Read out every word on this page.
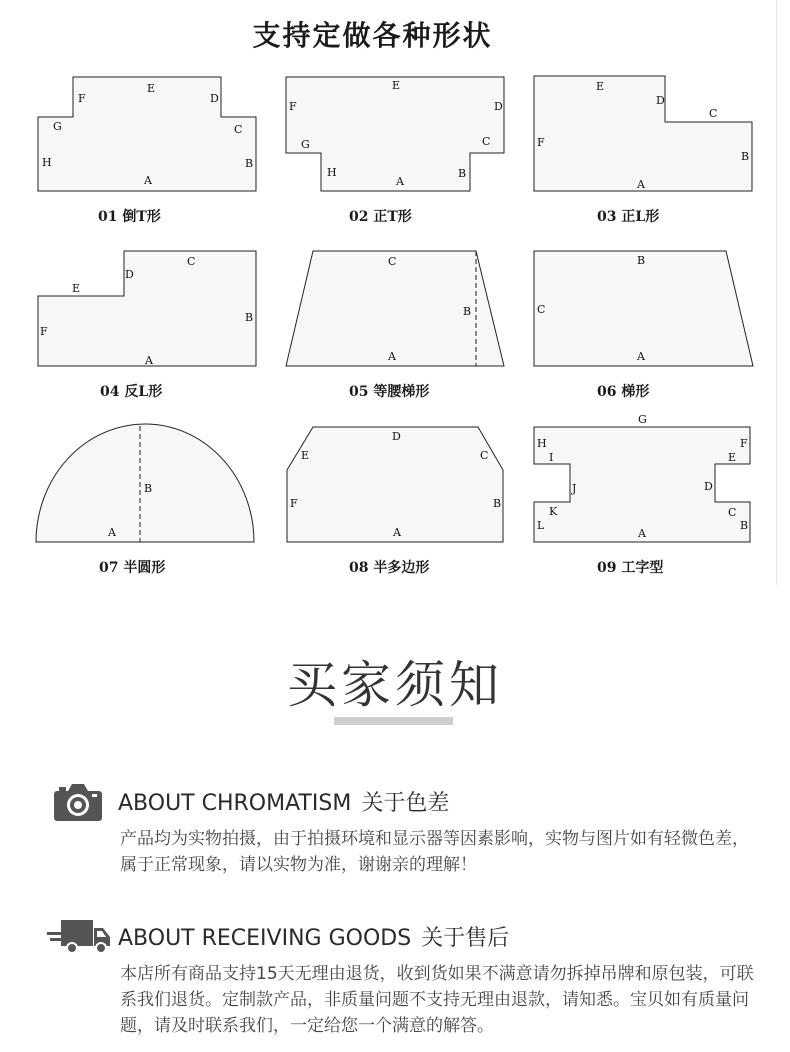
支持定做各种形状
A
B
C
D
E
F
G
H
01 倒T形
A
B
C
D
E
F
G
H
02 正T形
A
B
C
D
E
F
03 正L形
A
B
C
D
E
F
04 反L形
A
B
C
05 等腰梯形
A
B
C
06 梯形
A
B
07 半圆形
A
B
C
D
E
F
08 半多边形
A
B
C
D
E
F
G
H
I
J
K
L
09 工字型
买家须知
ABOUT CHROMATISM 关于色差
产品均为实物拍摄，由于拍摄环境和显示器等因素影响，实物与图片如有轻微色差，属于正常现象，请以实物为准，谢谢亲的理解！
ABOUT RECEIVING GOODS 关于售后
本店所有商品支持15天无理由退货，收到货如果不满意请勿拆掉吊牌和原包装，可联系我们退货。定制款产品，非质量问题不支持无理由退款，请知悉。宝贝如有质量问题，请及时联系我们，一定给您一个满意的解答。
